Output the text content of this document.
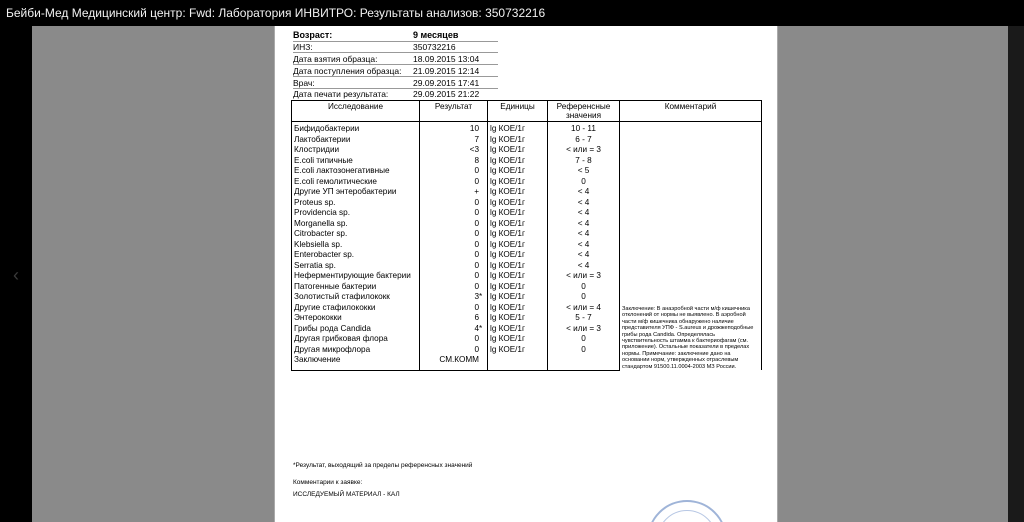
Бейби-Мед Медицинский центр: Fwd: Лаборатория ИНВИТРО: Результаты анализов: 350732216
‹
Возраст:	9 месяцев
ИНЗ:	350732216
Дата взятия образца:	18.09.2015 13:04
Дата поступления образца: 21.09.2015 12:14
Врач:	29.09.2015 17:41
Дата печати результата:	29.09.2015 21:22
Исследование	Результат	Единицы	Референсные значения	Комментарий
Бифидобактерии	10	lg КОЕ/1г	10 - 11	Заключение: В анаэробной части м/ф кишечника отклонений от нормы не выявлено. В аэробной части м/ф кишечника обнаружено наличие представителя УПФ - S.aureus и дрожжеподобные грибы рода Candida. Определялась чувствительность штамма к бактериофагам (см. приложение). Остальные показатели в пределах нормы. Примечание: заключение дано на основании норм, утвержденных отраслевым стандартом 91500.11.0004-2003 МЗ России.

Лактобактерии	7	lg КОЕ/1г	6 - 7	
Клостридии	<3	lg КОЕ/1г	< или = 3	
E.coli типичные	8	lg КОЕ/1г	7 - 8	
E.coli лактозонегативные	0	lg КОЕ/1г	< 5	
E.coli гемолитические	0	lg КОЕ/1г	0	
Другие УП энтеробактерии	+	lg КОЕ/1г	< 4	
Proteus sp.	0	lg КОЕ/1г	< 4	
Providencia sp.	0	lg КОЕ/1г	< 4	
Morganella sp.	0	lg КОЕ/1г	< 4	
Citrobacter sp.	0	lg КОЕ/1г	< 4	
Klebsiella sp.	0	lg КОЕ/1г	< 4	
Enterobacter sp.	0	lg КОЕ/1г	< 4	
Serratia sp.	0	lg КОЕ/1г	< 4	
Неферментирующие бактерии	0	lg КОЕ/1г	< или = 3	
Патогенные бактерии	0	lg КОЕ/1г	0	
Золотистый стафилококк	3*	lg КОЕ/1г	0	
Другие стафилококки	0	lg КОЕ/1г	< или = 4	
Энтерококки	6	lg КОЕ/1г	5 - 7	
Грибы рода Candida	4*	lg КОЕ/1г	< или = 3	
Другая грибковая флора	0	lg КОЕ/1г	0	
Другая микрофлора	0	lg КОЕ/1г	0	
Заключение	СМ.КОММ			
*Результат, выходящий за пределы референсных значений
Комментарии к заявке:
ИССЛЕДУЕМЫЙ МАТЕРИАЛ - КАЛ
